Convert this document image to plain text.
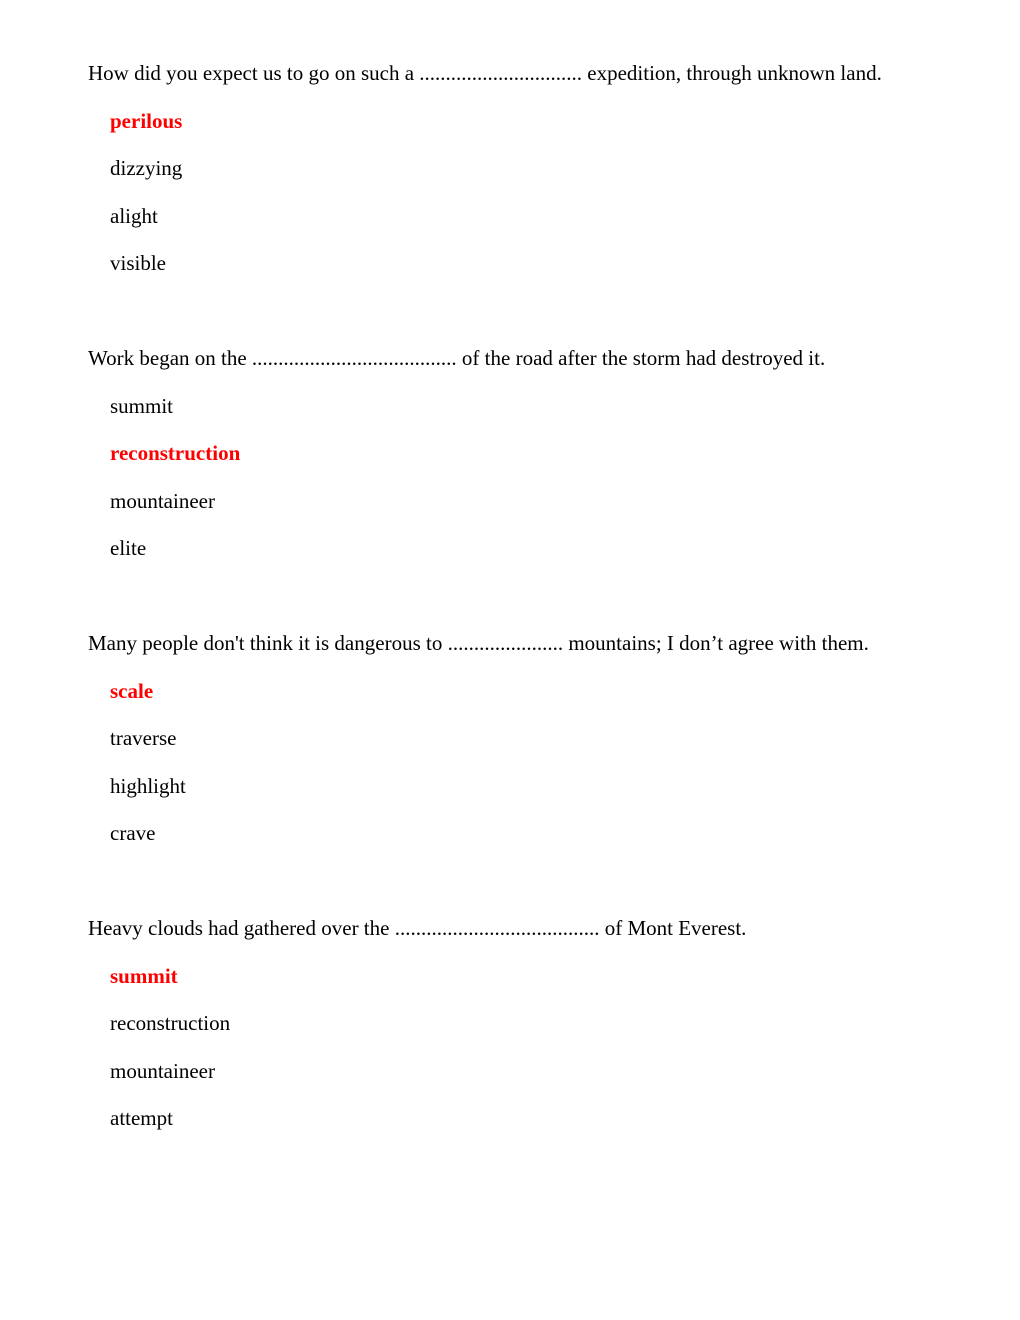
How did you expect us to go on such a ............................... expedition, through unknown land.

perilous
dizzying
alight
visible

Work began on the ....................................... of the road after the storm had destroyed it.

summit
reconstruction
mountaineer
elite

Many people don't think it is dangerous to ...................... mountains; I don’t agree with them.

scale
traverse
highlight
crave

Heavy clouds had gathered over the ....................................... of Mont Everest.

summit
reconstruction
mountaineer
attempt
